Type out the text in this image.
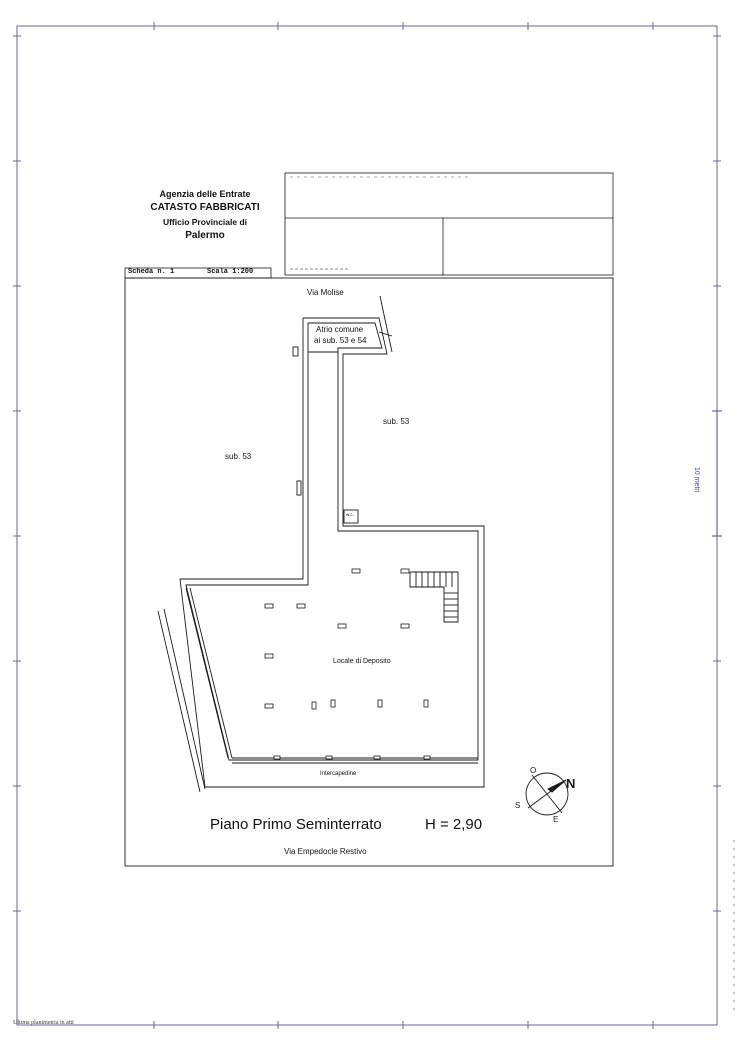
10 metri
Agenzia delle Entrate
CATASTO FABBRICATI
Ufficio Provinciale di
Palermo
Scheda n. 1	Scala 1:200
N
O
S
E
Via Molise
Atrio comune
ai sub. 53 e 54
sub. 53
sub. 53
w.c.
Locale di Deposito
Intercapedine
Piano Primo Seminterrato	H = 2,90
Via Empedocle Restivo
Ultima planimetria in atti
